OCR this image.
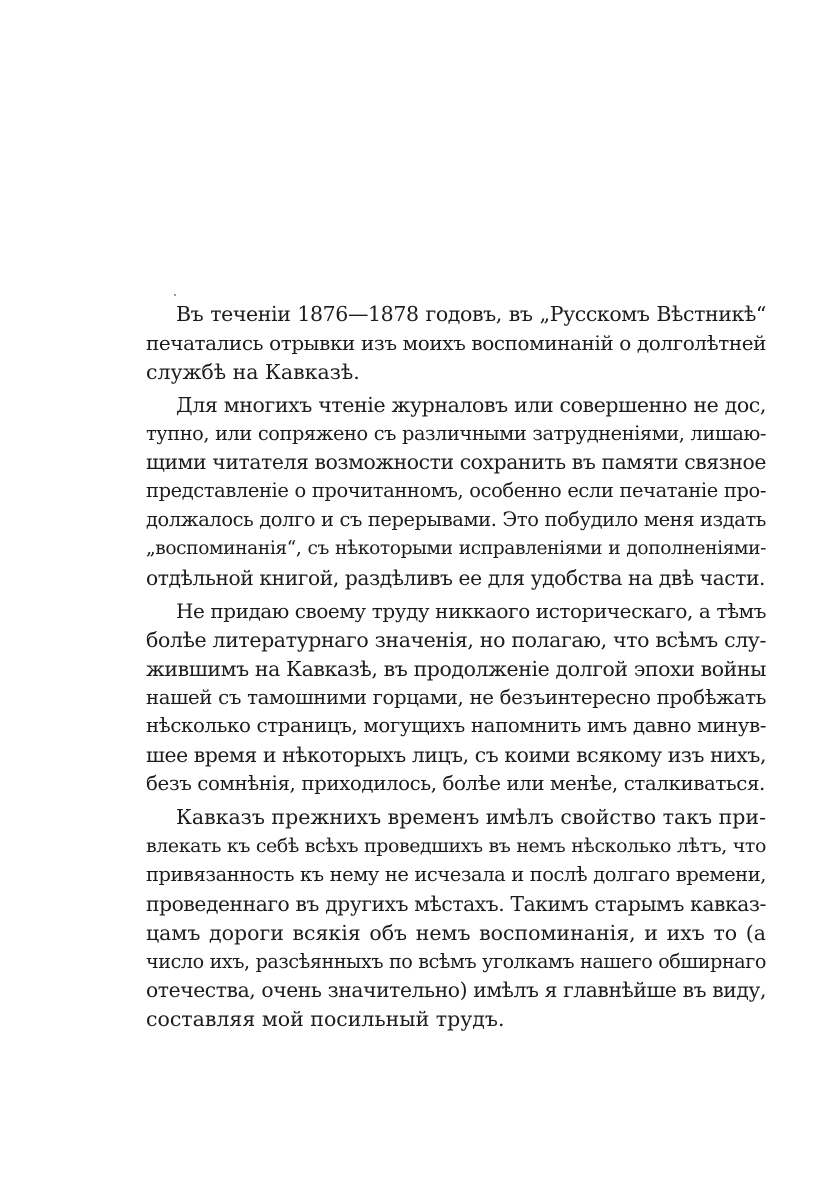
Въ теченіи 1876—1878 годовъ, въ „Русскомъ Вѣстникѣ“
печатались отрывки изъ моихъ воспоминаній о долголѣтней
службѣ на Кавказѣ.
Для многихъ чтеніе журналовъ или совершенно не дос,
тупно, или сопряжено съ различными затрудненіями, лишаю-
щими читателя возможности сохранить въ памяти связное
представленіе о прочитанномъ, особенно если печатаніе про-
должалось долго и съ перерывами. Это побудило меня издать
„воспоминанія“, съ нѣкоторыми исправленіями и дополненіями-
отдѣльной книгой, раздѣливъ ее для удобства на двѣ части.
Не придаю своему труду никкаого историческаго, а тѣмъ
болѣе литературнаго значенія, но полагаю, что всѣмъ слу-
жившимъ на Кавказѣ, въ продолженіе долгой эпохи войны
нашей съ тамошними горцами, не безъинтересно пробѣжать
нѣсколько страницъ, могущихъ напомнить имъ давно минув-
шее время и нѣкоторыхъ лицъ, съ коими всякому изъ нихъ,
безъ сомнѣнія, приходилось, болѣе или менѣе, сталкиваться.
Кавказъ прежнихъ временъ имѣлъ свойство такъ при-
влекать къ себѣ всѣхъ проведшихъ въ немъ нѣсколько лѣтъ, что
привязанность къ нему не исчезала и послѣ долгаго времени,
проведеннаго въ другихъ мѣстахъ. Такимъ старымъ кавказ-
цамъ дороги всякія объ немъ воспоминанія, и ихъ то (а
число ихъ, разсѣянныхъ по всѣмъ уголкамъ нашего обширнаго
отечества, очень значительно) имѣлъ я главнѣйше въ виду,
составляя мой посильный трудъ.
